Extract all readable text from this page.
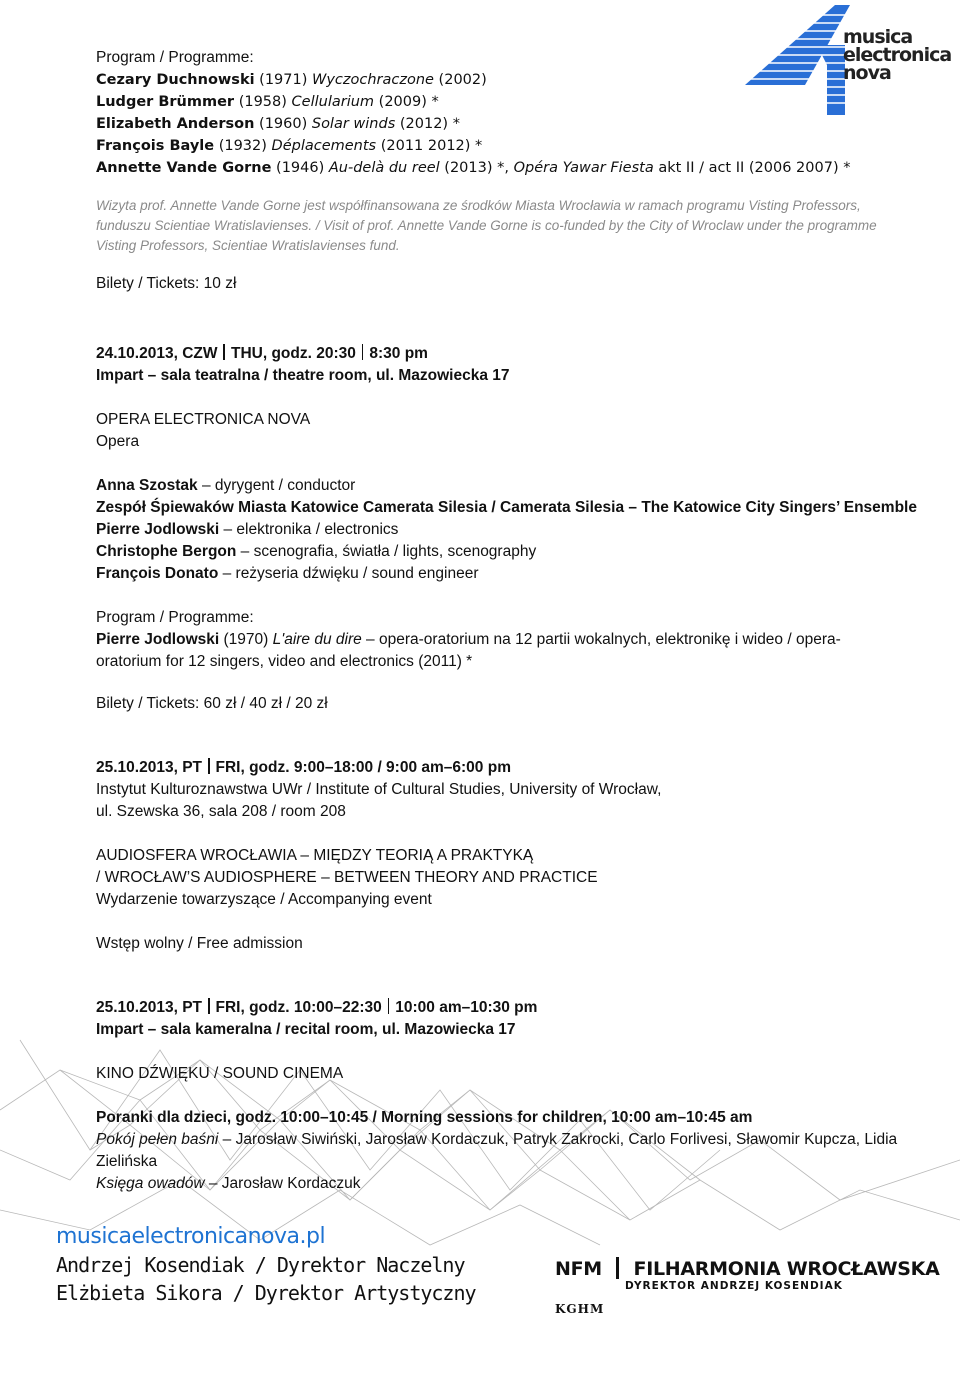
musica
electronica
nova
Program / Programme:
Cezary Duchnowski (1971) Wyczochraczone (2002)
Ludger Brümmer (1958) Cellularium (2009) *
Elizabeth Anderson (1960) Solar winds (2012) *
François Bayle (1932) Déplacements (2011 2012) *
Annette Vande Gorne (1946) Au-delà du reel (2013) *, Opéra Yawar Fiesta akt II / act II (2006 2007) *
Wizyta prof. Annette Vande Gorne jest współfinansowana ze środków Miasta Wrocławia w ramach programu Visting Professors, funduszu Scientiae Wratislavienses. / Visit of prof. Annette Vande Gorne is co-funded by the City of Wroclaw under the programme Visting Professors, Scientiae Wratislavienses fund.
Bilety / Tickets: 10 zł
24.10.2013, CZW THU, godz. 20:30 8:30 pm
Impart – sala teatralna / theatre room, ul. Mazowiecka 17
OPERA ELECTRONICA NOVA
Opera
Anna Szostak – dyrygent / conductor
Zespół Śpiewaków Miasta Katowice Camerata Silesia / Camerata Silesia – The Katowice City Singers’ Ensemble
Pierre Jodlowski – elektronika / electronics
Christophe Bergon – scenografia, światła / lights, scenography
François Donato – reżyseria dźwięku / sound engineer
Program / Programme:
Pierre Jodlowski (1970) L'aire du dire – opera-oratorium na 12 partii wokalnych, elektronikę i wideo / opera-oratorium for 12 singers, video and electronics (2011) *
Bilety / Tickets: 60 zł / 40 zł / 20 zł
25.10.2013, PT FRI, godz. 9:00–18:00 / 9:00 am–6:00 pm
Instytut Kulturoznawstwa UWr / Institute of Cultural Studies, University of Wrocław,
ul. Szewska 36, sala 208 / room 208
AUDIOSFERA WROCŁAWIA – MIĘDZY TEORIĄ A PRAKTYKĄ
/ WROCŁAW’S AUDIOSPHERE – BETWEEN THEORY AND PRACTICE
Wydarzenie towarzyszące / Accompanying event
Wstęp wolny / Free admission
25.10.2013, PT FRI, godz. 10:00–22:30 10:00 am–10:30 pm
Impart – sala kameralna / recital room, ul. Mazowiecka 17
KINO DŹWIĘKU / SOUND CINEMA
Poranki dla dzieci, godz. 10:00–10:45 / Morning sessions for children, 10:00 am–10:45 am
Pokój pełen baśni – Jarosław Siwiński, Jarosław Kordaczuk, Patryk Zakrocki, Carlo Forlivesi, Sławomir Kupcza, Lidia Zielińska
Księga owadów – Jarosław Kordaczuk
musicaelectronicanova.pl
Andrzej Kosendiak / Dyrektor Naczelny
Elżbieta Sikora / Dyrektor Artystyczny
NFM FILHARMONIA WROCŁAWSKA
DYREKTOR ANDRZEJ KOSENDIAK
KGHM
